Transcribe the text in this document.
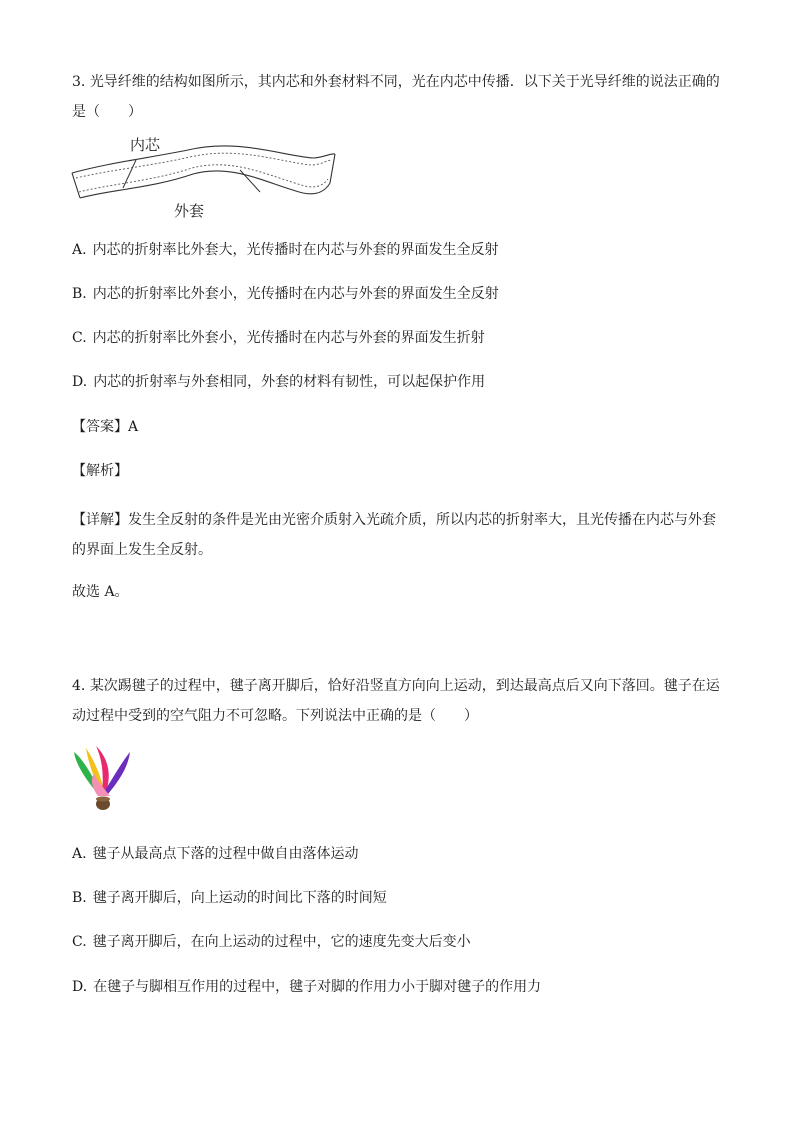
3. 光导纤维的结构如图所示，其内芯和外套材料不同，光在内芯中传播．以下关于光导纤维的说法正确的是（　　）
内芯
外套
A. 内芯的折射率比外套大，光传播时在内芯与外套的界面发生全反射
B. 内芯的折射率比外套小，光传播时在内芯与外套的界面发生全反射
C. 内芯的折射率比外套小，光传播时在内芯与外套的界面发生折射
D. 内芯的折射率与外套相同，外套的材料有韧性，可以起保护作用
【答案】A
【解析】
【详解】发生全反射的条件是光由光密介质射入光疏介质，所以内芯的折射率大，且光传播在内芯与外套的界面上发生全反射。
故选 A。
4. 某次踢毽子的过程中，毽子离开脚后，恰好沿竖直方向向上运动，到达最高点后又向下落回。毽子在运动过程中受到的空气阻力不可忽略。下列说法中正确的是（　　）
A. 毽子从最高点下落的过程中做自由落体运动
B. 毽子离开脚后，向上运动的时间比下落的时间短
C. 毽子离开脚后，在向上运动的过程中，它的速度先变大后变小
D. 在毽子与脚相互作用的过程中，毽子对脚的作用力小于脚对毽子的作用力
